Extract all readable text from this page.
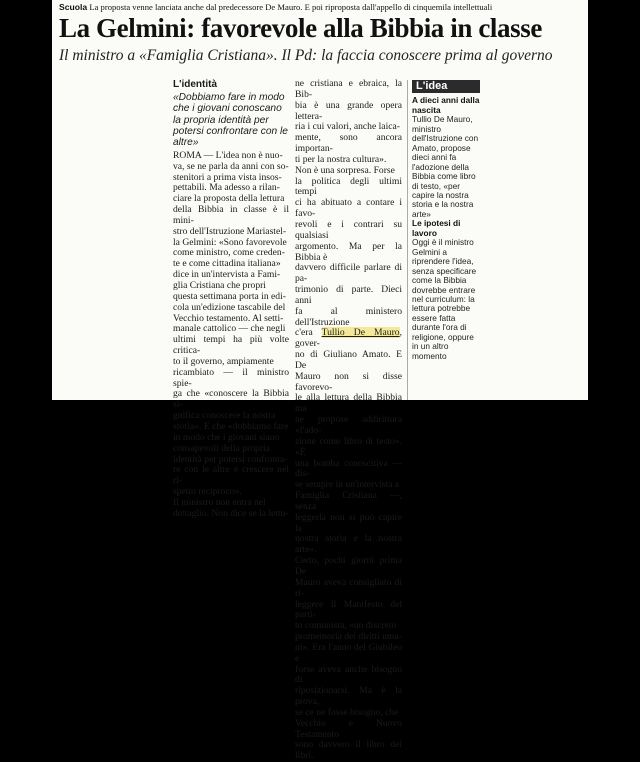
Scuola La proposta venne lanciata anche dal predecessore De Mauro. E poi riproposta dall'appello di cinquemila intellettuali
La Gelmini: favorevole alla Bibbia in classe
Il ministro a «Famiglia Cristiana». Il Pd: la faccia conoscere prima al governo
L'identità

«Dobbiamo fare in modo che i giovani conoscano la propria identità per potersi confrontare con le altre»

ROMA — L'idea non è nuo-
va, se ne parla da anni con so-
stenitori a prima vista insos-
pettabili. Ma adesso a rilan-
ciare la proposta della lettura
della Bibbia in classe è il mini-
stro dell'Istruzione Mariastel-
la Gelmini: «Sono favorevole
come ministro, come creden-
te e come cittadina italiana»
dice in un'intervista a Fami-
glia Cristiana che propri
questa settimana porta in edi-
cola un'edizione tascabile del
Vecchio testamento. Al setti-
manale cattolico — che negli
ultimi tempi ha più volte critica-
to il governo, ampiamente
ricambiato — il ministro spie-
ga che «conoscere la Bibbia si-
gnifica conoscere la nostra
storia». E che «dobbiamo fare
in modo che i giovani siano
consapevoli della propria
identità per potersi confronta-
re con le altre e crescere nel ri-
spetto reciproco».
Il ministro non entra nel
dettaglio. Non dice se la lettu-
ne cristiana e ebraica, la Bib-
bia è una grande opera lettera-
ria i cui valori, anche laica-
mente, sono ancora importan-
ti per la nostra cultura».
Non è una sorpresa. Forse
la politica degli ultimi tempi
ci ha abituato a contare i favo-
revoli e i contrari su qualsiasi
argomento. Ma per la Bibbia è
davvero difficile parlare di pa-
trimonio di parte. Dieci anni
fa al ministero dell'Istruzione
c'era Tullio De Mauro, gover-
no di Giuliano Amato. E De
Mauro non si disse favorevo-
le alla lettura della Bibbia ma
ne propose addirittura «l'ado-
zione come libro di testo». «È
una bomba conoscitiva — dis-
se sempre in un'intervista a
Famiglia Cristiana —, senza
leggerla non si può capire la
nostra storia e la nostra arte».
Certo, pochi giorni prima De
Mauro aveva consigliato di ri-
leggere il Manifesto del parti-
to comunista, «un discreto
promemoria dei diritti uma-
ni». Era l'anno del Giubileo e
forse aveva anche bisogno di
riposizionarsi. Ma è la prova,
se ce ne fosse bisogno, che
Vecchio e Nuovo Testamento
sono davvero il libro dei libri.
L'idea
A dieci anni dalla nascita
Tullio De Mauro, ministro dell'Istruzione con Amato, propose dieci anni fa l'adozione della Bibbia come libro di testo, «per capire la nostra storia e la nostra arte»
Le ipotesi di lavoro
Oggi è il ministro Gelmini a riprendere l'idea, senza specificare come la Bibbia dovrebbe entrare nel curriculum: la lettura potrebbe essere fatta durante l'ora di religione, oppure in un altro momento
